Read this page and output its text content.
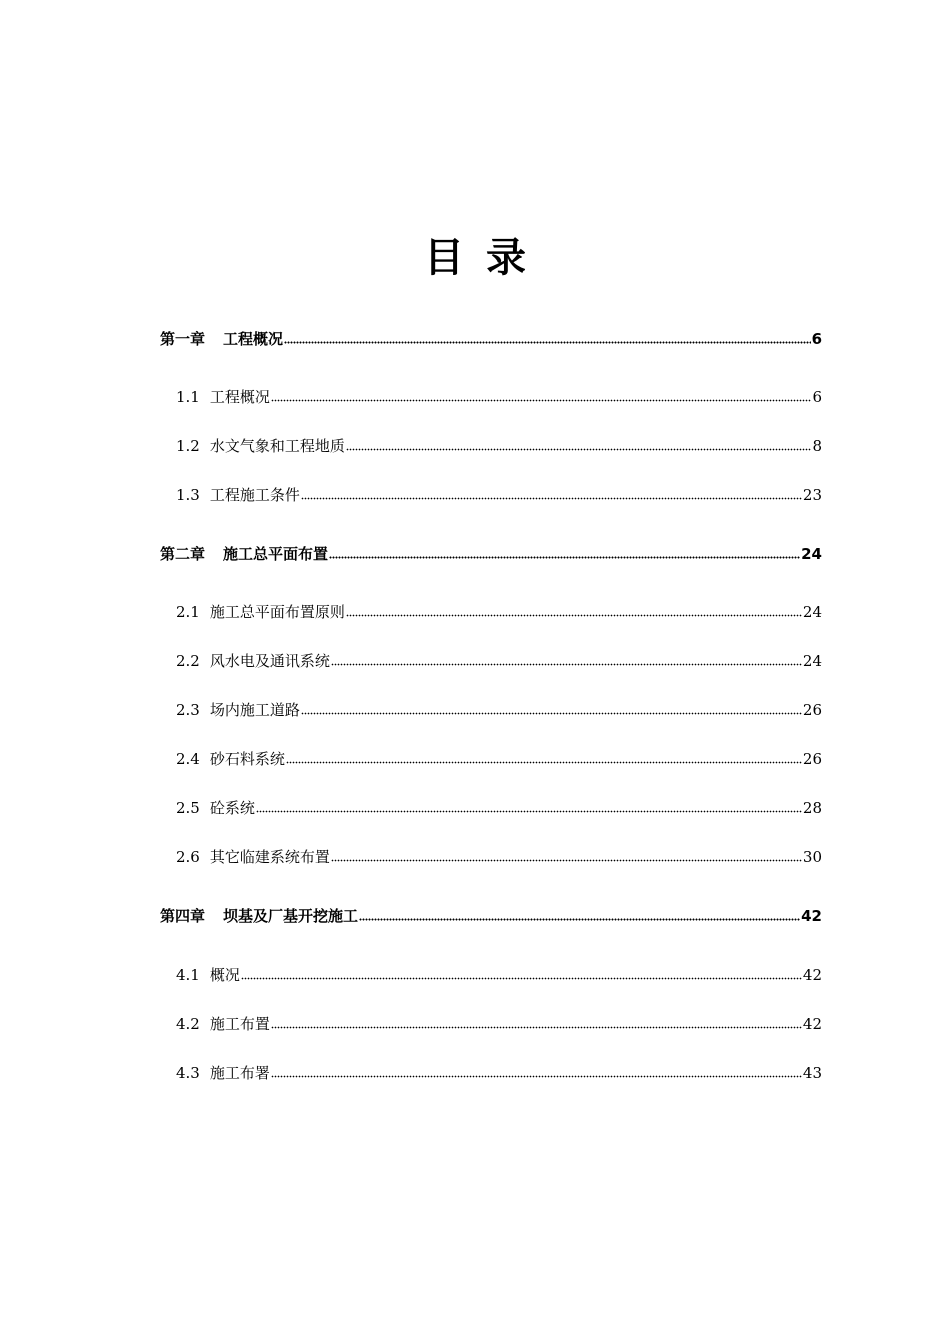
目录
第一章 工程概况	6
1.1 工程概况	6
1.2 水文气象和工程地质	8
1.3 工程施工条件	23
第二章 施工总平面布置	24
2.1 施工总平面布置原则	24
2.2 风水电及通讯系统	24
2.3 场内施工道路	26
2.4 砂石料系统	26
2.5 砼系统	28
2.6 其它临建系统布置	30
第四章 坝基及厂基开挖施工	42
4.1 概况	42
4.2 施工布置	42
4.3 施工布署	43
